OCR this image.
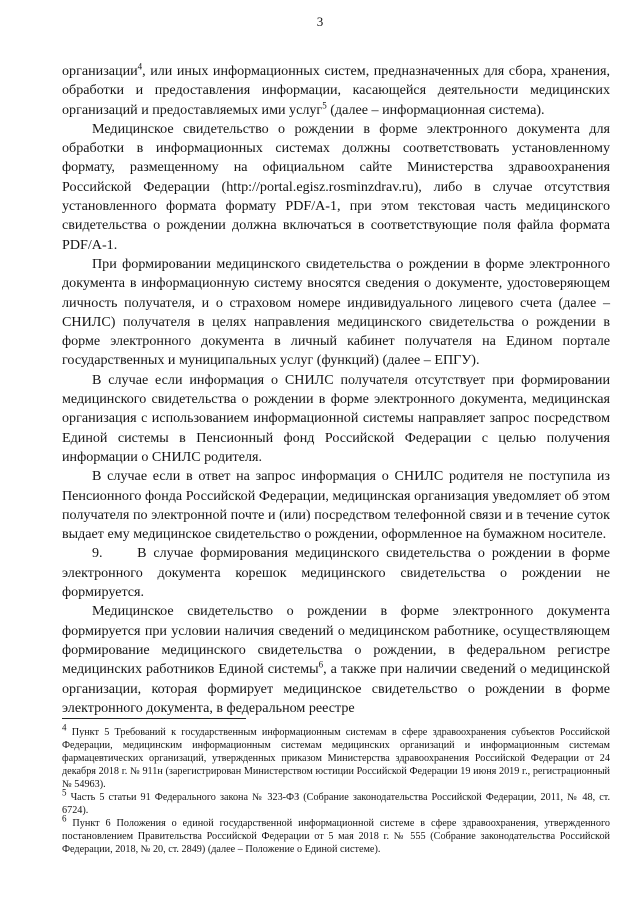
3

организации$^4$, или иных информационных систем, предназначенных для сбора, хранения, обработки и предоставления информации, касающейся деятельности медицинских организаций и предоставляемых ими услуг$^5$ (далее – информационная система).

Медицинское свидетельство о рождении в форме электронного документа для обработки в информационных системах должны соответствовать установленному формату, размещенному на официальном сайте Министерства здравоохранения Российской Федерации (http://portal.egisz.rosminzdrav.ru), либо в случае отсутствия установленного формата формату PDF/A-1, при этом текстовая часть медицинского свидетельства о рождении должна включаться в соответствующие поля файла формата PDF/A-1.

При формировании медицинского свидетельства о рождении в форме электронного документа в информационную систему вносятся сведения о документе, удостоверяющем личность получателя, и о страховом номере индивидуального лицевого счета (далее – СНИЛС) получателя в целях направления медицинского свидетельства о рождении в форме электронного документа в личный кабинет получателя на Едином портале государственных и муниципальных услуг (функций) (далее – ЕПГУ).

В случае если информация о СНИЛС получателя отсутствует при формировании медицинского свидетельства о рождении в форме электронного документа, медицинская организация с использованием информационной системы направляет запрос посредством Единой системы в Пенсионный фонд Российской Федерации с целью получения информации о СНИЛС родителя.

В случае если в ответ на запрос информация о СНИЛС родителя не поступила из Пенсионного фонда Российской Федерации, медицинская организация уведомляет об этом получателя по электронной почте и (или) посредством телефонной связи и в течение суток выдает ему медицинское свидетельство о рождении, оформленное на бумажном носителе.

9.     В случае формирования медицинского свидетельства о рождении в форме электронного документа корешок медицинского свидетельства о рождении не формируется.

Медицинское свидетельство о рождении в форме электронного документа формируется при условии наличия сведений о медицинском работнике, осуществляющем формирование медицинского свидетельства о рождении, в федеральном регистре медицинских работников Единой системы$^6$, а также при наличии сведений о медицинской организации, которая формирует медицинское свидетельство о рождении в форме электронного документа, в федеральном реестре

$^4$ Пункт 5 Требований к государственным информационным системам в сфере здравоохранения субъектов Российской Федерации, медицинским информационным системам медицинских организаций и информационным системам фармацевтических организаций, утвержденных приказом Министерства здравоохранения Российской Федерации от 24 декабря 2018 г. № 911н (зарегистрирован Министерством юстиции Российской Федерации 19 июня 2019 г., регистрационный № 54963).

$^5$ Часть 5 статьи 91 Федерального закона № 323-ФЗ (Собрание законодательства Российской Федерации, 2011, № 48, ст. 6724).

$^6$ Пункт 6 Положения о единой государственной информационной системе в сфере здравоохранения, утвержденного постановлением Правительства Российской Федерации от 5 мая 2018 г. № 555 (Собрание законодательства Российской Федерации, 2018, № 20, ст. 2849) (далее – Положение о Единой системе).
